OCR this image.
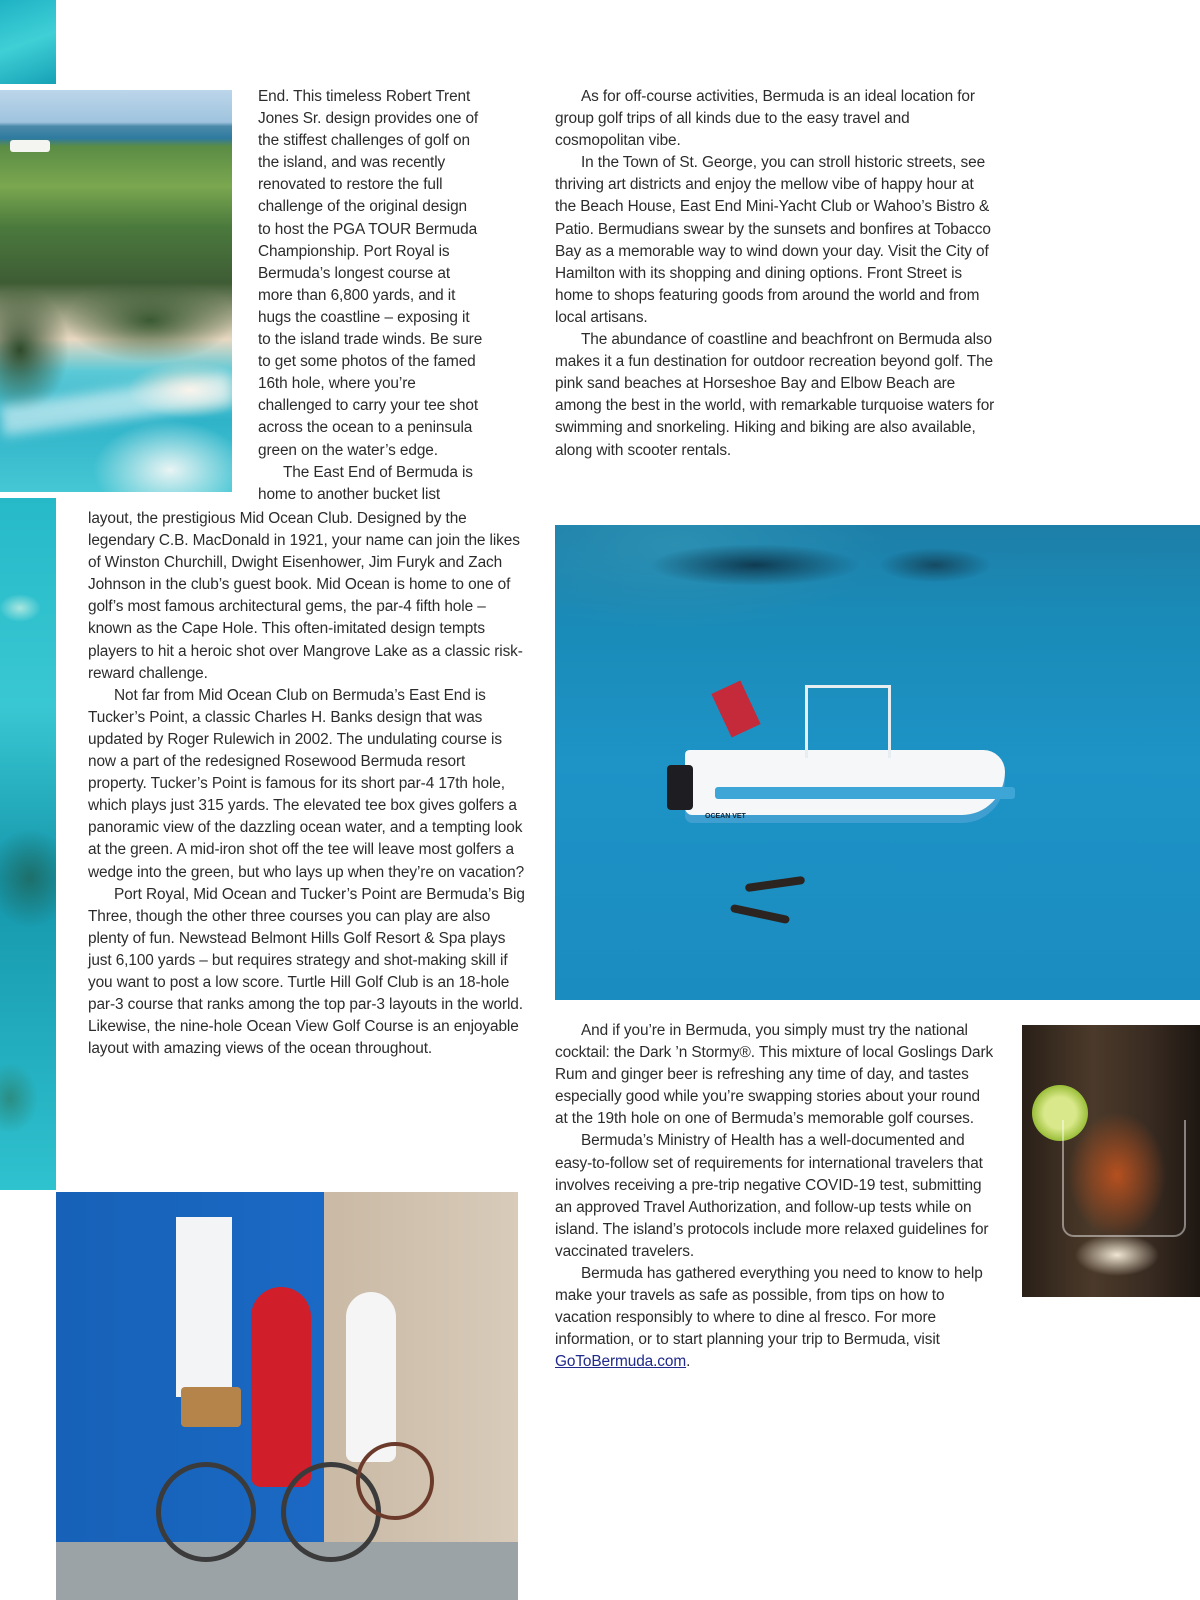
End. This timeless Robert Trent
Jones Sr. design provides one of
the stiffest challenges of golf on
the island, and was recently
renovated to restore the full
challenge of the original design
to host the PGA TOUR Bermuda
Championship. Port Royal is
Bermuda’s longest course at
more than 6,800 yards, and it
hugs the coastline – exposing it
to the island trade winds. Be sure
to get some photos of the famed
16th hole, where you’re
challenged to carry your tee shot
across the ocean to a peninsula
green on the water’s edge.

The East End of Bermuda is
home to another bucket list

layout, the prestigious Mid Ocean Club. Designed by the legendary C.B. MacDonald in 1921, your name can join the likes of Winston Churchill, Dwight Eisenhower, Jim Furyk and Zach Johnson in the club’s guest book. Mid Ocean is home to one of golf’s most famous architectural gems, the par-4 fifth hole – known as the Cape Hole. This often-imitated design tempts players to hit a heroic shot over Mangrove Lake as a classic risk-reward challenge.

Not far from Mid Ocean Club on Bermuda’s East End is Tucker’s Point, a classic Charles H. Banks design that was updated by Roger Rulewich in 2002. The undulating course is now a part of the redesigned Rosewood Bermuda resort property. Tucker’s Point is famous for its short par-4 17th hole, which plays just 315 yards. The elevated tee box gives golfers a panoramic view of the dazzling ocean water, and a tempting look at the green. A mid-iron shot off the tee will leave most golfers a wedge into the green, but who lays up when they’re on vacation?

Port Royal, Mid Ocean and Tucker’s Point are Bermuda’s Big Three, though the other three courses you can play are also plenty of fun. Newstead Belmont Hills Golf Resort & Spa plays just 6,100 yards – but requires strategy and shot-making skill if you want to post a low score. Turtle Hill Golf Club is an 18-hole par-3 course that ranks among the top par-3 layouts in the world. Likewise, the nine-hole Ocean View Golf Course is an enjoyable layout with amazing views of the ocean throughout.

As for off-course activities, Bermuda is an ideal location for group golf trips of all kinds due to the easy travel and cosmopolitan vibe.

In the Town of St. George, you can stroll historic streets, see thriving art districts and enjoy the mellow vibe of happy hour at the Beach House, East End Mini-Yacht Club or Wahoo’s Bistro & Patio. Bermudians swear by the sunsets and bonfires at Tobacco Bay as a memorable way to wind down your day. Visit the City of Hamilton with its shopping and dining options. Front Street is home to shops featuring goods from around the world and from local artisans.

The abundance of coastline and beachfront on Bermuda also makes it a fun destination for outdoor recreation beyond golf. The pink sand beaches at Horseshoe Bay and Elbow Beach are among the best in the world, with remarkable turquoise waters for swimming and snorkeling. Hiking and biking are also available, along with scooter rentals.

OCEAN VET

And if you’re in Bermuda, you simply must try the national cocktail: the Dark ’n Stormy®. This mixture of local Goslings Dark Rum and ginger beer is refreshing any time of day, and tastes especially good while you’re swapping stories about your round at the 19th hole on one of Bermuda’s memorable golf courses.

Bermuda’s Ministry of Health has a well-documented and easy-to-follow set of requirements for international travelers that involves receiving a pre-trip negative COVID-19 test, submitting an approved Travel Authorization, and follow-up tests while on island. The island’s protocols include more relaxed guidelines for vaccinated travelers.

Bermuda has gathered everything you need to know to help make your travels as safe as possible, from tips on how to vacation responsibly to where to dine al fresco. For more information, or to start planning your trip to Bermuda, visit GoToBermuda.com.
